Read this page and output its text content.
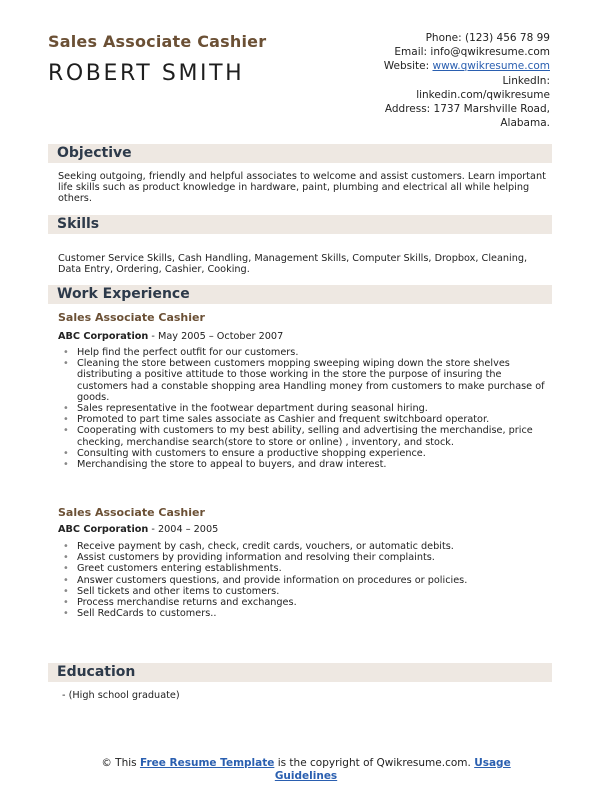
Sales Associate Cashier
ROBERT SMITH
Phone: (123) 456 78 99
Email: info@qwikresume.com
Website: www.qwikresume.com
LinkedIn:
linkedin.com/qwikresume
Address: 1737 Marshville Road,
Alabama.
Objective
Seeking outgoing, friendly and helpful associates to welcome and assist customers. Learn important life skills such as product knowledge in hardware, paint, plumbing and electrical all while helping others.
Skills
Customer Service Skills, Cash Handling, Management Skills, Computer Skills, Dropbox, Cleaning, Data Entry, Ordering, Cashier, Cooking.
Work Experience
Sales Associate Cashier
ABC Corporation - May 2005 – October 2007
• Help find the perfect outfit for our customers.
• Cleaning the store between customers mopping sweeping wiping down the store shelves distributing a positive attitude to those working in the store the purpose of insuring the customers had a constable shopping area Handling money from customers to make purchase of goods.
• Sales representative in the footwear department during seasonal hiring.
• Promoted to part time sales associate as Cashier and frequent switchboard operator.
• Cooperating with customers to my best ability, selling and advertising the merchandise, price checking, merchandise search(store to store or online) , inventory, and stock.
• Consulting with customers to ensure a productive shopping experience.
• Merchandising the store to appeal to buyers, and draw interest.
Sales Associate Cashier
ABC Corporation - 2004 – 2005
• Receive payment by cash, check, credit cards, vouchers, or automatic debits.
• Assist customers by providing information and resolving their complaints.
• Greet customers entering establishments.
• Answer customers questions, and provide information on procedures or policies.
• Sell tickets and other items to customers.
• Process merchandise returns and exchanges.
• Sell RedCards to customers..
Education
- (High school graduate)
© This Free Resume Template is the copyright of Qwikresume.com. Usage
Guidelines
